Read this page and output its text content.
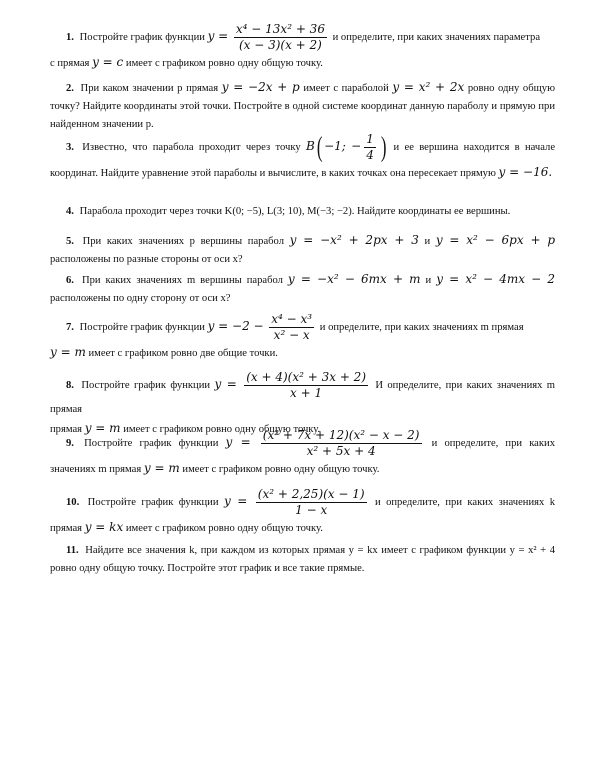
1. Постройте график функции $y = \frac{\text{x⁴ − 13x² + 36}}{(x - 3)(x + 2)}$ и определите, при каких значениях параметра
c прямая y = c имеет с графиком ровно одну общую точку.
2. При каком значении p прямая y = −2x + p имеет с параболой y = x² + 2x ровно одну общую точку? Найдите координаты этой точки. Постройте в одной системе координат данную параболу и прямую при найденном значении p.
3. Известно, что парабола проходит через точку B( −1; − $\frac{1}{4}$ ) и ее вершина находится в начале координат. Найдите уравнение этой параболы и вычислите, в каких точках она пересекает прямую y = −16.
4. Парабола проходит через точки K(0; −5), L(3; 10), M(−3; −2). Найдите координаты ее вершины.
5. При каких значениях p вершины парабол y = −x² + 2px + 3 и y = x² − 6px + p расположены по разные стороны от оси x?
6. При каких значениях m вершины парабол y = −x² − 6mx + m и y = x² − 4mx − 2 расположены по одну сторону от оси x?
7. Постройте график функции $y = -2 - \frac{\text{x⁴ − x³}}{\text{x² − x}}$ и определите, при каких значениях m прямая
y = m имеет с графиком ровно две общие точки.
8. Постройте график функции $y = \frac{\text{(x + 4)(x² + 3x + 2)}}{x + 1}$ И определите, при каких значениях m прямая
прямая y = m имеет с графиком ровно одну общую точку.
9. Постройте график функции $y = \frac{\text{(x² + 7x + 12)(x² − x − 2)}}{\text{x² + 5x + 4}}$ и определите, при каких значениях m прямая y = m имеет с графиком ровно одну общую точку.
10. Постройте график функции $y = \frac{\text{(x² + 2,25)(x − 1)}}{1 - x}$ и определите, при каких значениях k прямая y = kx имеет с графиком ровно одну общую точку.
11. Найдите все значения k, при каждом из которых прямая y = kx имеет с графиком функции y = x² + 4 ровно одну общую точку. Постройте этот график и все такие прямые.
